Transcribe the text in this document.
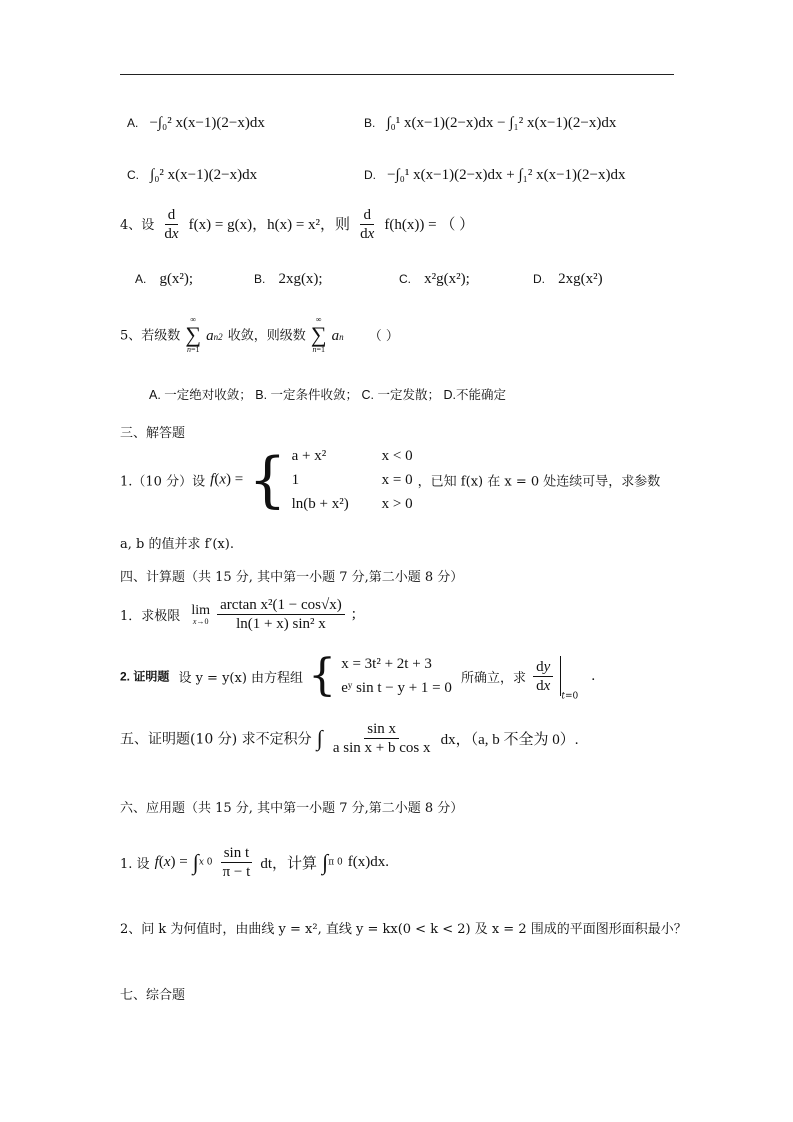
A. −∫₀² x(x−1)(2−x)dx	B. ∫₀¹ x(x−1)(2−x)dx − ∫₁² x(x−1)(2−x)dx
C. ∫₀² x(x−1)(2−x)dx	D. −∫₀¹ x(x−1)(2−x)dx + ∫₁² x(x−1)(2−x)dx
4、设 $\frac{d}{dx} f(x) = g(x)$，h(x) = x²，则 $\frac{d}{dx} f(h(x))$ = （ ）
A. g(x²);	B. 2xg(x);	C. x²g(x²);	D. 2xg(x²)
5、若级数
∞
∑
n=1
an2 收敛，则级数
∞
∑
n=1
an （ ）
A. 一定绝对收敛； B. 一定条件收敛； C. 一定发散； D.不能确定
三、解答题
1.（10 分）设 f(x) = { a + x²	x < 0
1	x = 0
ln(b + x²) x > 0
，已知 f(x) 在 x = 0 处连续可导，求参数
a, b 的值并求 f′(x).
四、计算题（共 15 分, 其中第一小题 7 分,第二小题 8 分）
1．求极限 lim
x→0
$\frac{\text{arctan x²(1 − cos√x)}}{\text{ln(1 + x) sin² x}}$ ;
2. 证明题 设 y = y(x) 由方程组 { x = 3t² + 2t + 3
eʸ sin t − y + 1 = 0
所确立，求 $\frac{dy}{dx}$
$_{t=0}$ .
五、证明题(10 分) 求不定积分 ∫ $\frac{\text{sin x}}{\text{a sin x + b cos x}}$ dx，（a, b 不全为 0）.
六、应用题（共 15 分, 其中第一小题 7 分,第二小题 8 分）
1. 设 f(x) = ∫x $0 \frac{\text{sin t}}{\pi - t}$ dt，计算 ∫π 0 f(x)dx.
2、问 k 为何值时，由曲线 y = x², 直线 y = kx(0 < k < 2) 及 x = 2 围成的平面图形面积最小？
七、综合题
